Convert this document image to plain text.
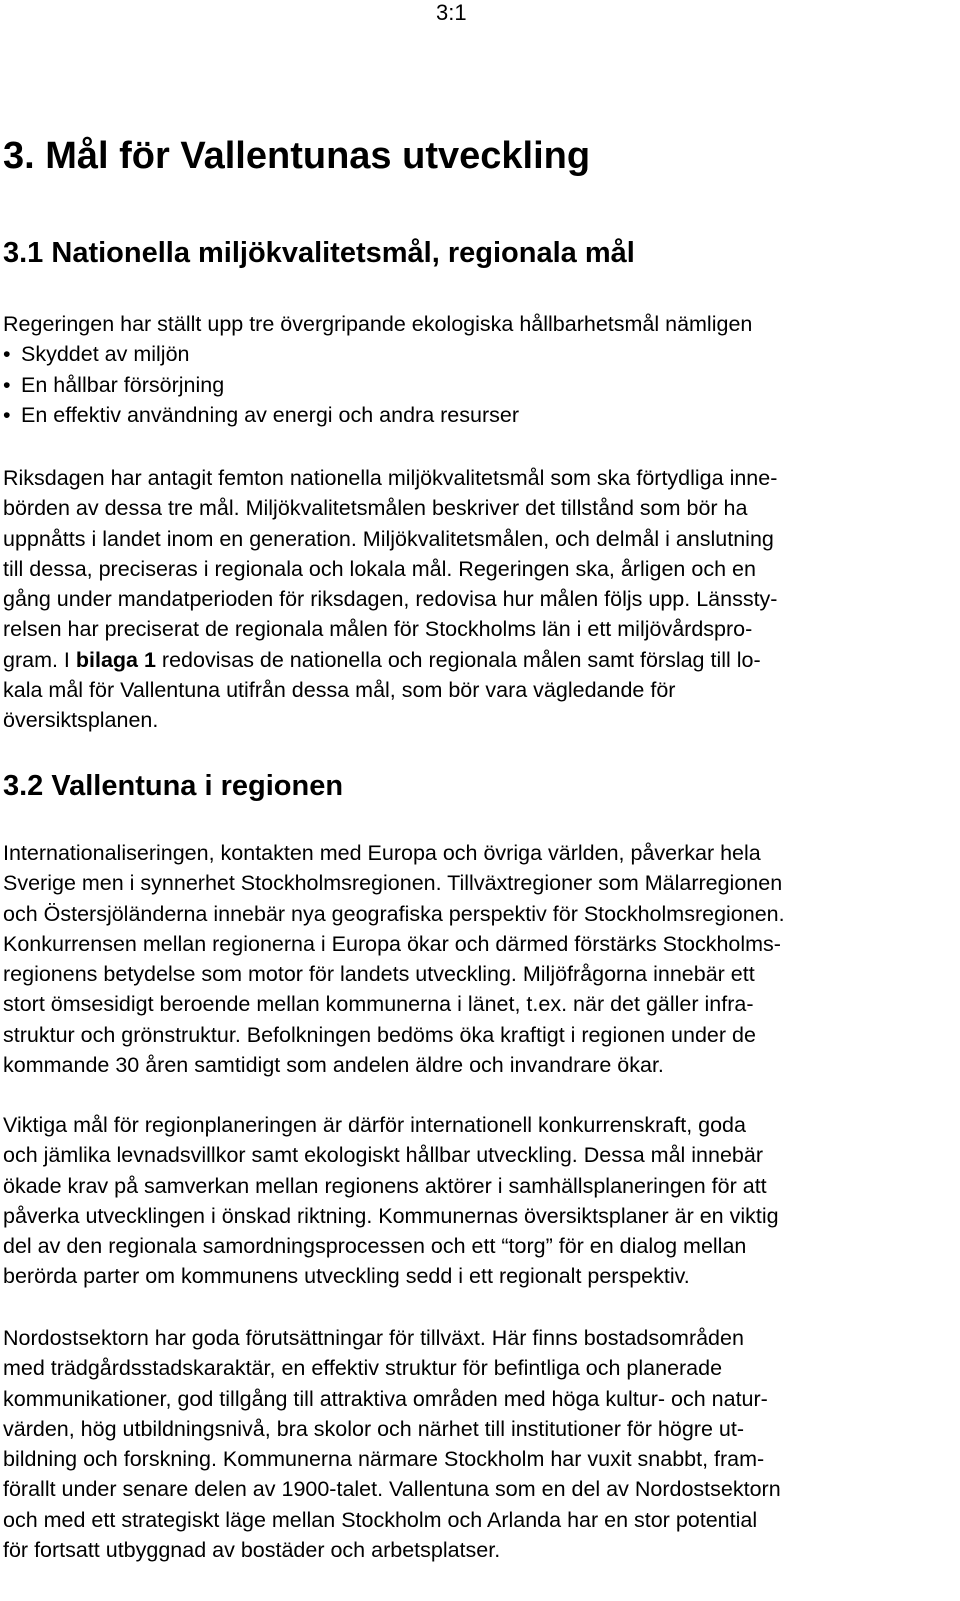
3:1
3. Mål för Vallentunas utveckling
3.1 Nationella miljökvalitetsmål, regionala mål

Regeringen har ställt upp tre övergripande ekologiska hållbarhetsmål nämligen

• Skyddet av miljön
• En hållbar försörjning
• En effektiv användning av energi och andra resurser

Riksdagen har antagit femton nationella miljökvalitetsmål som ska förtydliga inne-
börden av dessa tre mål. Miljökvalitetsmålen beskriver det tillstånd som bör ha
uppnåtts i landet inom en generation. Miljökvalitetsmålen, och delmål i anslutning
till dessa, preciseras i regionala och lokala mål. Regeringen ska, årligen och en
gång under mandatperioden för riksdagen, redovisa hur målen följs upp. Länssty-
relsen har preciserat de regionala målen för Stockholms län i ett miljövårdspro-
gram. I bilaga 1 redovisas de nationella och regionala målen samt förslag till lo-
kala mål för Vallentuna utifrån dessa mål, som bör vara vägledande för
översiktsplanen.

3.2 Vallentuna i regionen

Internationaliseringen, kontakten med Europa och övriga världen, påverkar hela
Sverige men i synnerhet Stockholmsregionen. Tillväxtregioner som Mälarregionen
och Östersjöländerna innebär nya geografiska perspektiv för Stockholmsregionen.
Konkurrensen mellan regionerna i Europa ökar och därmed förstärks Stockholms-
regionens betydelse som motor för landets utveckling. Miljöfrågorna innebär ett
stort ömsesidigt beroende mellan kommunerna i länet, t.ex. när det gäller infra-
struktur och grönstruktur. Befolkningen bedöms öka kraftigt i regionen under de
kommande 30 åren samtidigt som andelen äldre och invandrare ökar.

Viktiga mål för regionplaneringen är därför internationell konkurrenskraft, goda
och jämlika levnadsvillkor samt ekologiskt hållbar utveckling. Dessa mål innebär
ökade krav på samverkan mellan regionens aktörer i samhällsplaneringen för att
påverka utvecklingen i önskad riktning. Kommunernas översiktsplaner är en viktig
del av den regionala samordningsprocessen och ett “torg” för en dialog mellan
berörda parter om kommunens utveckling sedd i ett regionalt perspektiv.

Nordostsektorn har goda förutsättningar för tillväxt. Här finns bostadsområden
med trädgårdsstadskaraktär, en effektiv struktur för befintliga och planerade
kommunikationer, god tillgång till attraktiva områden med höga kultur- och natur-
värden, hög utbildningsnivå, bra skolor och närhet till institutioner för högre ut-
bildning och forskning. Kommunerna närmare Stockholm har vuxit snabbt, fram-
förallt under senare delen av 1900-talet. Vallentuna som en del av Nordostsektorn
och med ett strategiskt läge mellan Stockholm och Arlanda har en stor potential
för fortsatt utbyggnad av bostäder och arbetsplatser.
